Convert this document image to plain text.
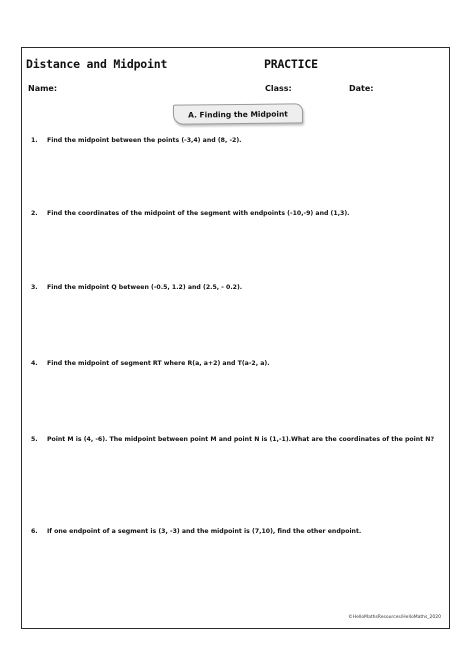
Distance and Midpoint	PRACTICE
Name:	Class:	Date:
A. Finding the Midpoint
1.	Find the midpoint between the points (-3,4) and (8, -2).
2.	Find the coordinates of the midpoint of the segment with endpoints (-10,-9) and (1,3).
3.	Find the midpoint Q between (-0.5, 1.2) and (2.5, - 0.2).
4.	Find the midpoint of segment RT where R(a, a+2) and T(a-2, a).
5.	Point M is (4, -6). The midpoint between point M and point N is (1,-1).What are the coordinates of the point N?
6.	If one endpoint of a segment is (3, -3) and the midpoint is (7,10), find the other endpoint.
©HelloMathsResources/HelloMaths_2020
